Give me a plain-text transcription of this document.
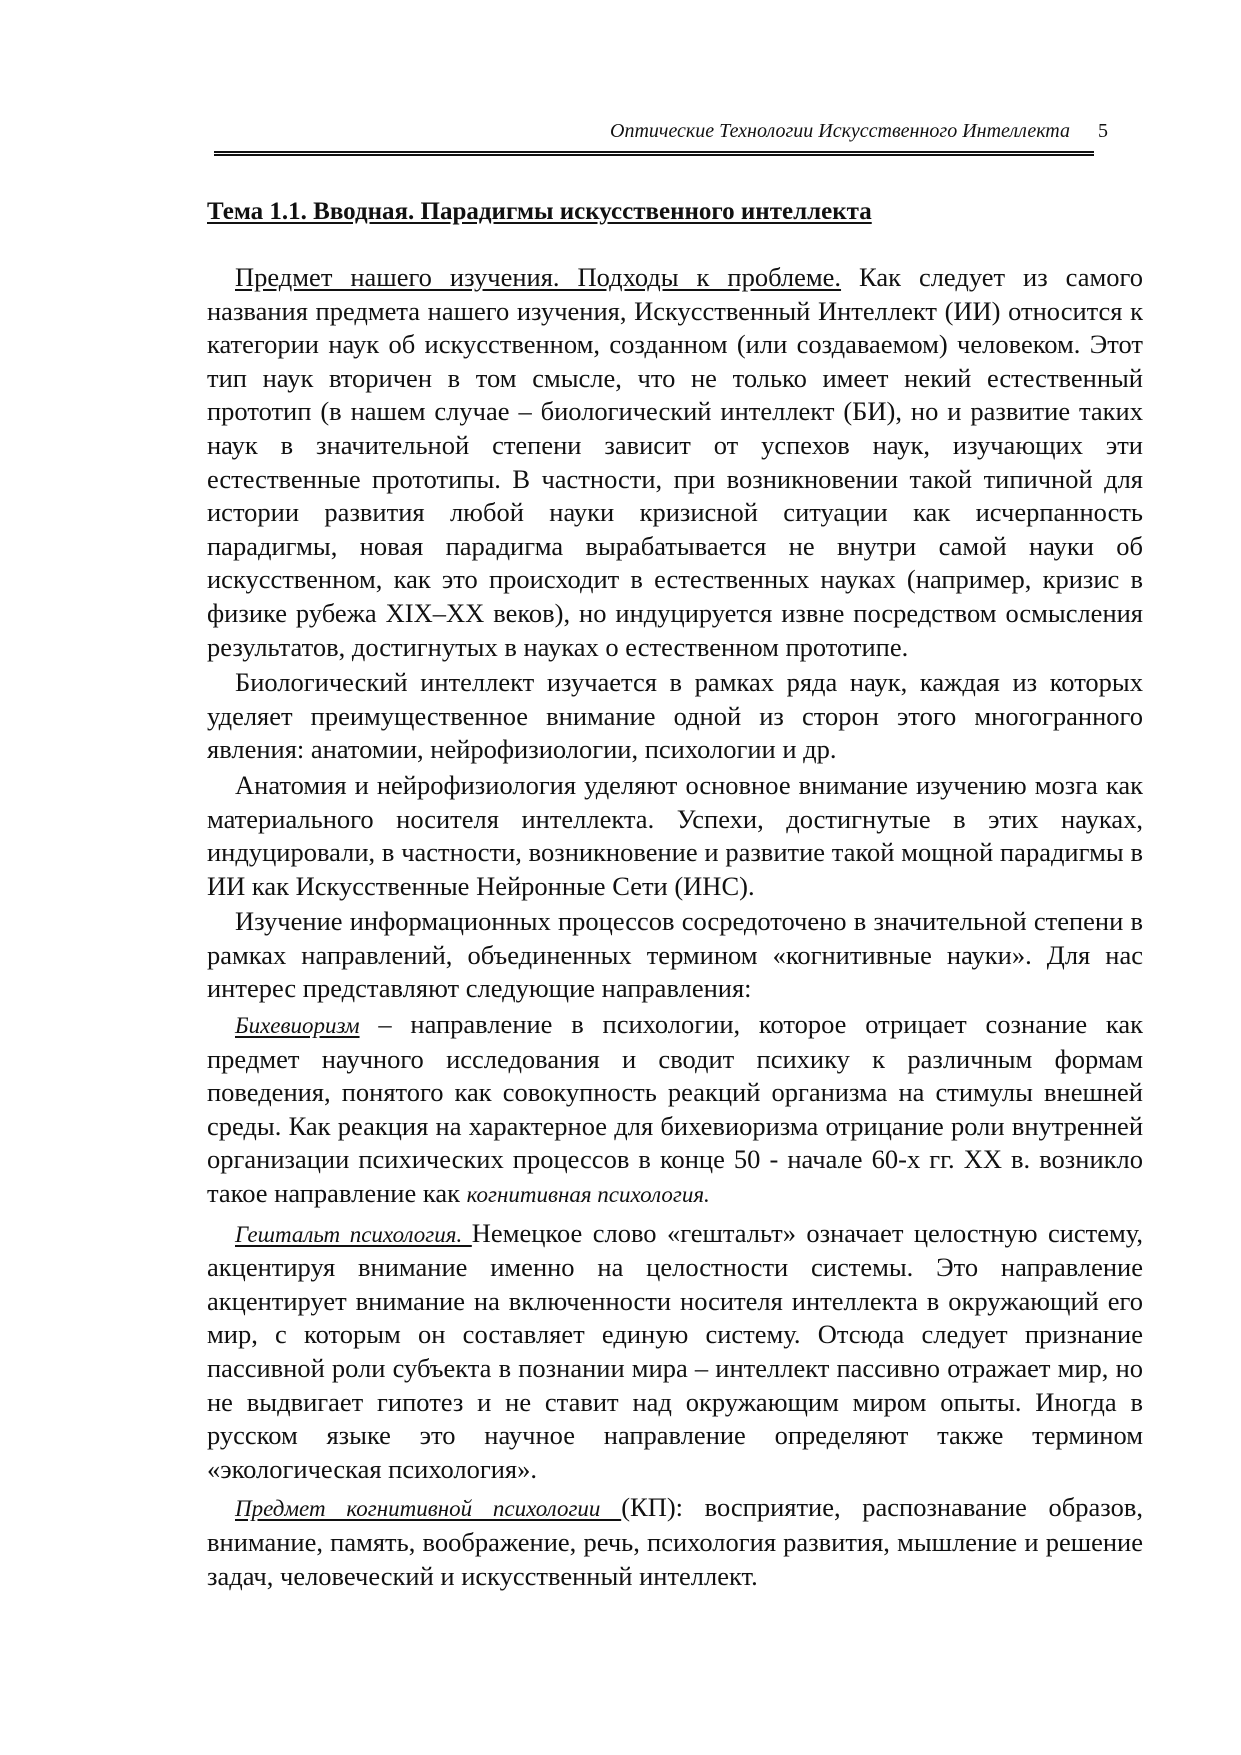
Оптические Технологии Искусственного Интеллекта 5
Тема 1.1. Вводная. Парадигмы искусственного интеллекта

Предмет нашего изучения. Подходы к проблеме. Как следует из самого названия предмета нашего изучения, Искусственный Интеллект (ИИ) относится к категории наук об искусственном, созданном (или создаваемом) человеком. Этот тип наук вторичен в том смысле, что не только имеет некий естественный прототип (в нашем случае – биологический интеллект (БИ), но и развитие таких наук в значительной степени зависит от успехов наук, изучающих эти естественные прототипы. В частности, при возникновении такой типичной для истории развития любой науки кризисной ситуации как исчерпанность парадигмы, новая парадигма вырабатывается не внутри самой науки об искусственном, как это происходит в естественных науках (например, кризис в физике рубежа XIX–XX веков), но индуцируется извне посредством осмысления результатов, достигнутых в науках о естественном прототипе.

Биологический интеллект изучается в рамках ряда наук, каждая из которых уделяет преимущественное внимание одной из сторон этого многогранного явления: анатомии, нейрофизиологии, психологии и др.

Анатомия и нейрофизиология уделяют основное внимание изучению мозга как материального носителя интеллекта. Успехи, достигнутые в этих науках, индуцировали, в частности, возникновение и развитие такой мощной парадигмы в ИИ как Искусственные Нейронные Сети (ИНС).

Изучение информационных процессов сосредоточено в значительной степени в рамках направлений, объединенных термином «когнитивные науки». Для нас интерес представляют следующие направления:

Бихевиоризм – направление в психологии, которое отрицает сознание как предмет научного исследования и сводит психику к различным формам поведения, понятого как совокупность реакций организма на стимулы внешней среды. Как реакция на характерное для бихевиоризма отрицание роли внутренней организации психических процессов в конце 50 - начале 60-х гг. XX в. возникло такое направление как когнитивная психология.

Гештальт психология. Немецкое слово «гештальт» означает целостную систему, акцентируя внимание именно на целостности системы. Это направление акцентирует внимание на включенности носителя интеллекта в окружающий его мир, с которым он составляет единую систему. Отсюда следует признание пассивной роли субъекта в познании мира – интеллект пассивно отражает мир, но не выдвигает гипотез и не ставит над окружающим миром опыты. Иногда в русском языке это научное направление определяют также термином «экологическая психология».

Предмет когнитивной психологии (КП): восприятие, распознавание образов, внимание, память, воображение, речь, психология развития, мышление и решение задач, человеческий и искусственный интеллект.
